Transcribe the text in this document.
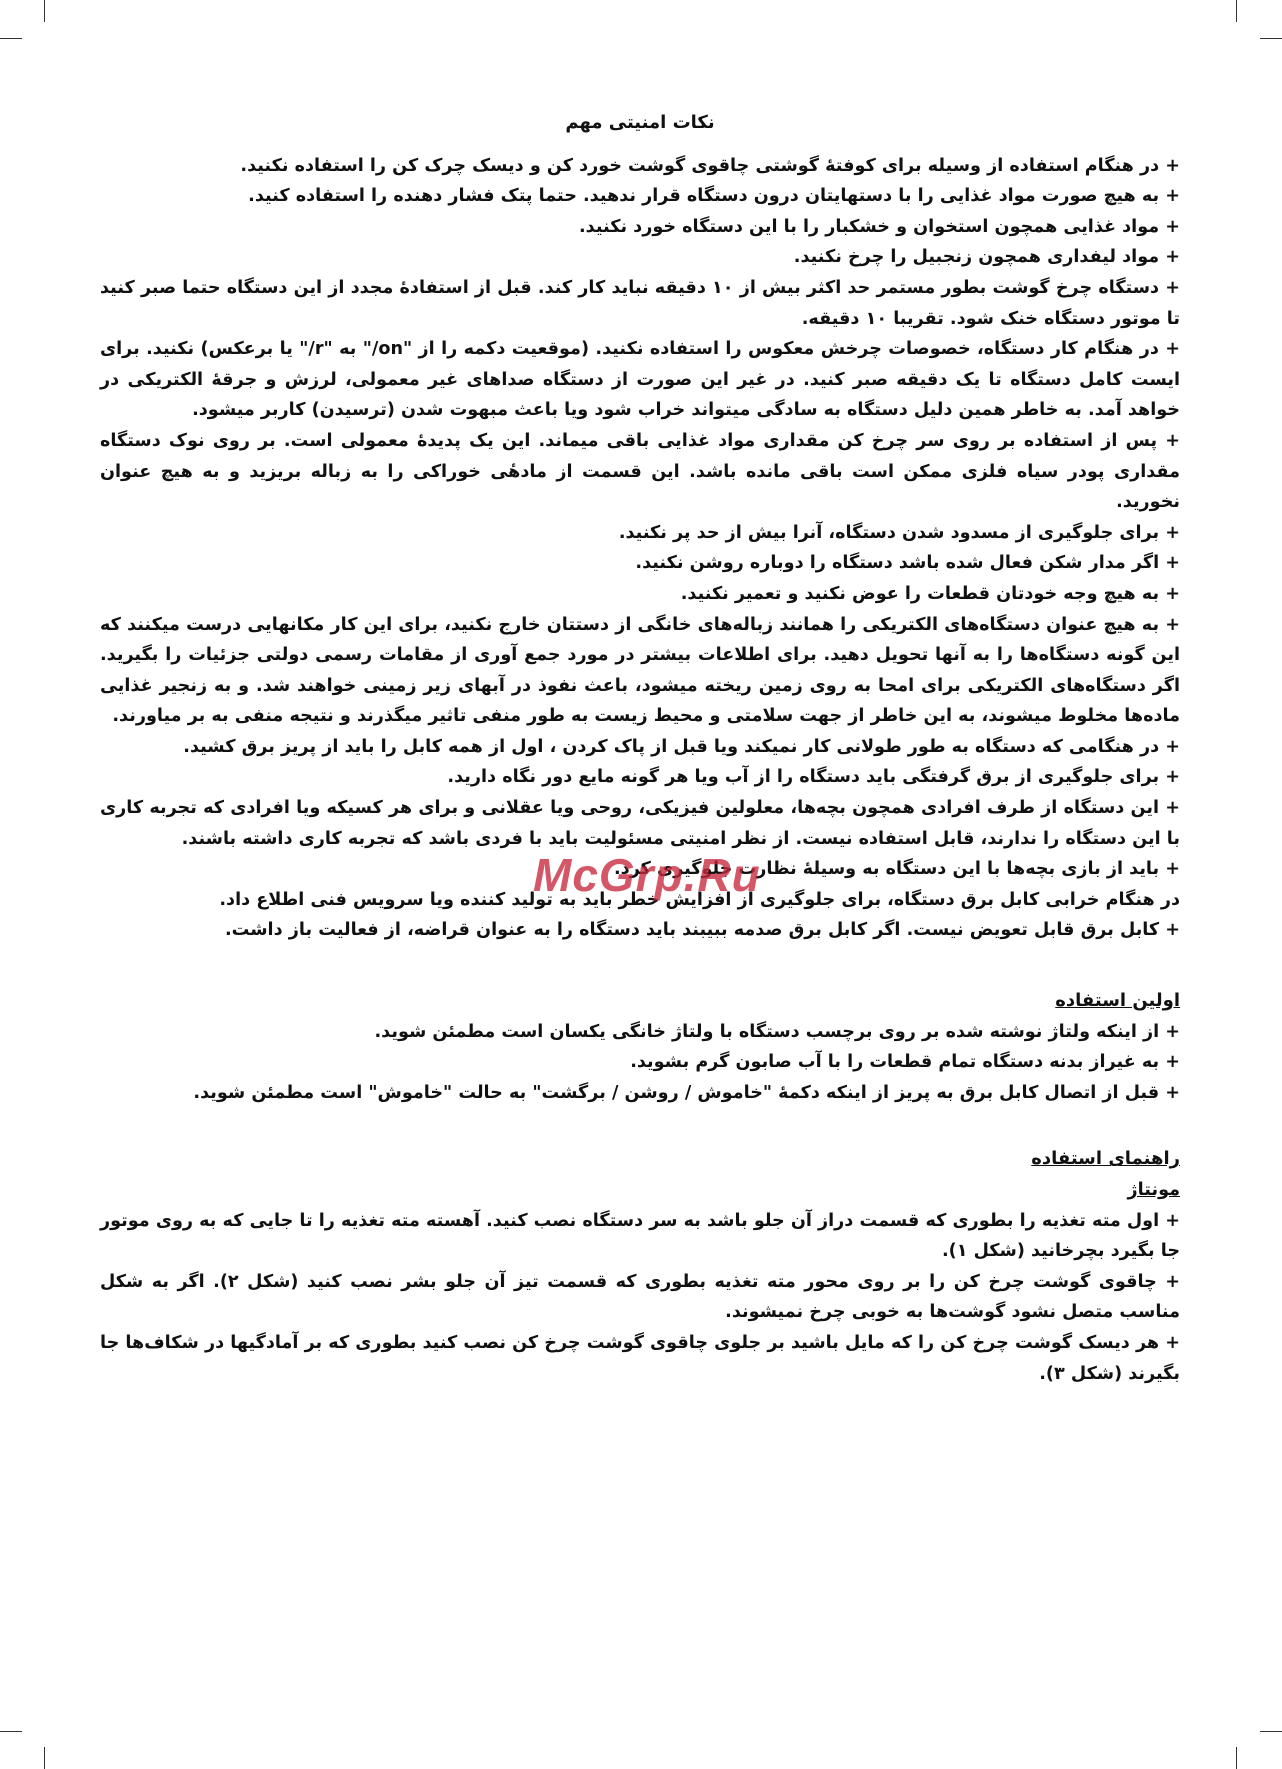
نکات امنیتی مهم

+ در هنگام استفاده از وسیله برای کوفتهٔ گوشتی چاقوی گوشت خورد کن و دیسک چرک کن را استفاده نکنید.

+ به هیچ صورت مواد غذایی را با دستهایتان درون دستگاه قرار ندهید. حتما پتک فشار دهنده را استفاده کنید.

+ مواد غذایی همچون استخوان و خشکبار را با این دستگاه خورد نکنید.

+ مواد لیفداری همچون زنجبیل را چرخ نکنید.

+ دستگاه چرخ گوشت بطور مستمر حد اکثر بیش از ۱۰ دقیقه نباید کار کند. قبل از استفادهٔ مجدد از این دستگاه حتما صبر کنید تا موتور دستگاه خنک شود. تقریبا ۱۰ دقیقه.

+ در هنگام کار دستگاه، خصوصات چرخش معکوس را استفاده نکنید. (موقعیت دکمه را از "on/" به "r/" یا برعکس) نکنید. برای ایست کامل دستگاه تا یک دقیقه صبر کنید. در غیر این صورت از دستگاه صداهای غیر معمولی، لرزش و جرقهٔ الکتریکی در خواهد آمد. به خاطر همین دلیل دستگاه به سادگی میتواند خراب شود ویا باعث مبهوت شدن (ترسیدن) کاربر میشود.

+ پس از استفاده بر روی سر چرخ کن مقداری مواد غذایی باقی میماند. این یک پدیدهٔ معمولی است. بر روی نوک دستگاه مقداری پودر سیاه فلزی ممکن است باقی مانده باشد. این قسمت از مادهٔی خوراکی را به زباله بریزید و به هیچ عنوان نخورید.

+ برای جلوگیری از مسدود شدن دستگاه، آنرا بیش از حد پر نکنید.

+ اگر مدار شکن فعال شده باشد دستگاه را دوباره روشن نکنید.

+ به هیچ وجه خودتان قطعات را عوض نکنید و تعمیر نکنید.

+ به هیچ عنوان دستگاه‌های الکتریکی را همانند زباله‌های خانگی از دستتان خارج نکنید، برای این کار مکانهایی درست میکنند که این گونه دستگاه‌ها را به آنها تحویل دهید. برای اطلاعات بیشتر در مورد جمع آوری از مقامات رسمی دولتی جزئیات را بگیرید. اگر دستگاه‌های الکتریکی برای امحا به روی زمین ریخته میشود، باعث نفوذ در آبهای زیر زمینی خواهند شد. و به زنجیر غذایی ماده‌ها مخلوط میشوند، به این خاطر از جهت سلامتی و محیط زیست به طور منفی تاثیر میگذرند و نتیجه منفی به بر میاورند.

+ در هنگامی که دستگاه به طور طولانی کار نمیکند ویا قبل از پاک کردن ، اول از همه کابل را باید از پریز برق کشید.

+ برای جلوگیری از برق گرفتگی باید دستگاه را از آب ویا هر گونه مایع دور نگاه دارید.

+ این دستگاه از طرف افرادی همچون بچه‌ها، معلولین فیزیکی، روحی ویا عقلانی و برای هر کسیکه ویا افرادی که تجربه کاری با این دستگاه را ندارند، قابل استفاده نیست. از نظر امنیتی مسئولیت باید با فردی باشد که تجربه کاری داشته باشند.

+ باید از بازی بچه‌ها با این دستگاه به وسیلهٔ نظارت جلوگیری کرد.

در هنگام خرابی کابل برق دستگاه، برای جلوگیری از افزایش خطر باید به تولید کننده ویا سرویس فنی اطلاع داد.

+ کابل برق قابل تعویض نیست. اگر کابل برق صدمه ببیبند باید دستگاه را به عنوان قراضه، از فعالیت باز داشت.

اولین استفاده

+ از اینکه ولتاژ نوشته شده بر روی برچسب دستگاه با ولتاژ خانگی یکسان است مطمئن شوید.

+ به غیراز بدنه دستگاه تمام قطعات را با آب صابون گرم بشوید.

+ قبل از اتصال کابل برق به پریز از اینکه دکمهٔ "خاموش / روشن / برگشت" به حالت "خاموش" است مطمئن شوید.

راهنمای استفاده
مونتاژ

+ اول مته تغذیه را بطوری که قسمت دراز آن جلو باشد به سر دستگاه نصب کنید. آهسته مته تغذیه را تا جایی که به روی موتور جا بگیرد بچرخانید (شکل ۱).

+ چاقوی گوشت چرخ کن را بر روی محور مته تغذیه بطوری که قسمت تیز آن جلو بشر نصب کنید (شکل ۲). اگر به شکل مناسب متصل نشود گوشت‌ها به خوبی چرخ نمیشوند.

+ هر دیسک گوشت چرخ کن را که مایل باشید بر جلوی چاقوی گوشت چرخ کن نصب کنید بطوری که بر آمادگیها در شکاف‌ها جا بگیرند (شکل ۳).

McGrp.Ru
